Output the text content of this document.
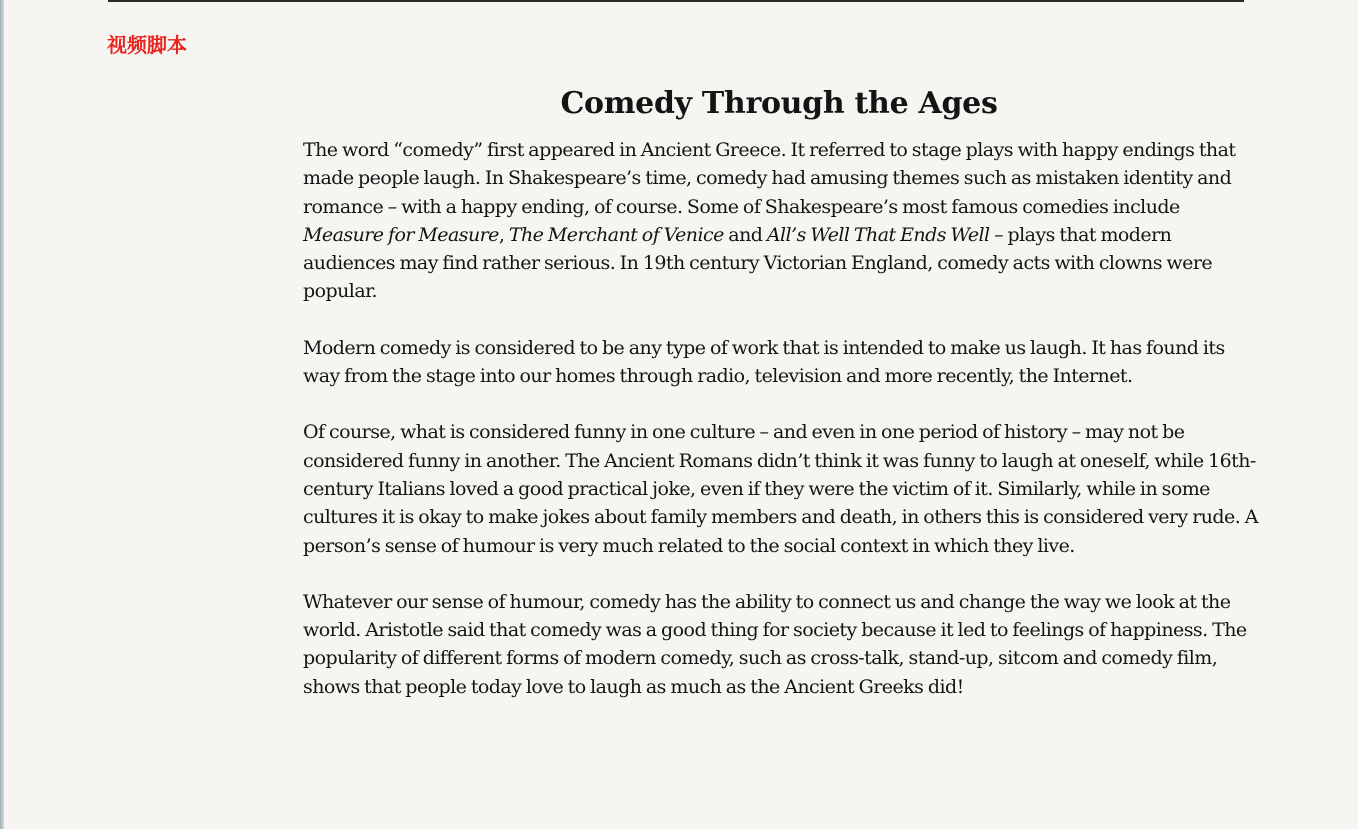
视频脚本

Comedy Through the Ages

The word “comedy” first appeared in Ancient Greece. It referred to stage plays with happy endings that made people laugh. In Shakespeare’s time, comedy had amusing themes such as mistaken identity and romance – with a happy ending, of course. Some of Shakespeare’s most famous comedies include Measure for Measure, The Merchant of Venice and All’s Well That Ends Well – plays that modern audiences may find rather serious. In 19th century Victorian England, comedy acts with clowns were popular.

Modern comedy is considered to be any type of work that is intended to make us laugh. It has found its way from the stage into our homes through radio, television and more recently, the Internet.

Of course, what is considered funny in one culture – and even in one period of history – may not be considered funny in another. The Ancient Romans didn’t think it was funny to laugh at oneself, while 16th-century Italians loved a good practical joke, even if they were the victim of it. Similarly, while in some cultures it is okay to make jokes about family members and death, in others this is considered very rude. A person’s sense of humour is very much related to the social context in which they live.

Whatever our sense of humour, comedy has the ability to connect us and change the way we look at the world. Aristotle said that comedy was a good thing for society because it led to feelings of happiness. The popularity of different forms of modern comedy, such as cross-talk, stand-up, sitcom and comedy film, shows that people today love to laugh as much as the Ancient Greeks did!
